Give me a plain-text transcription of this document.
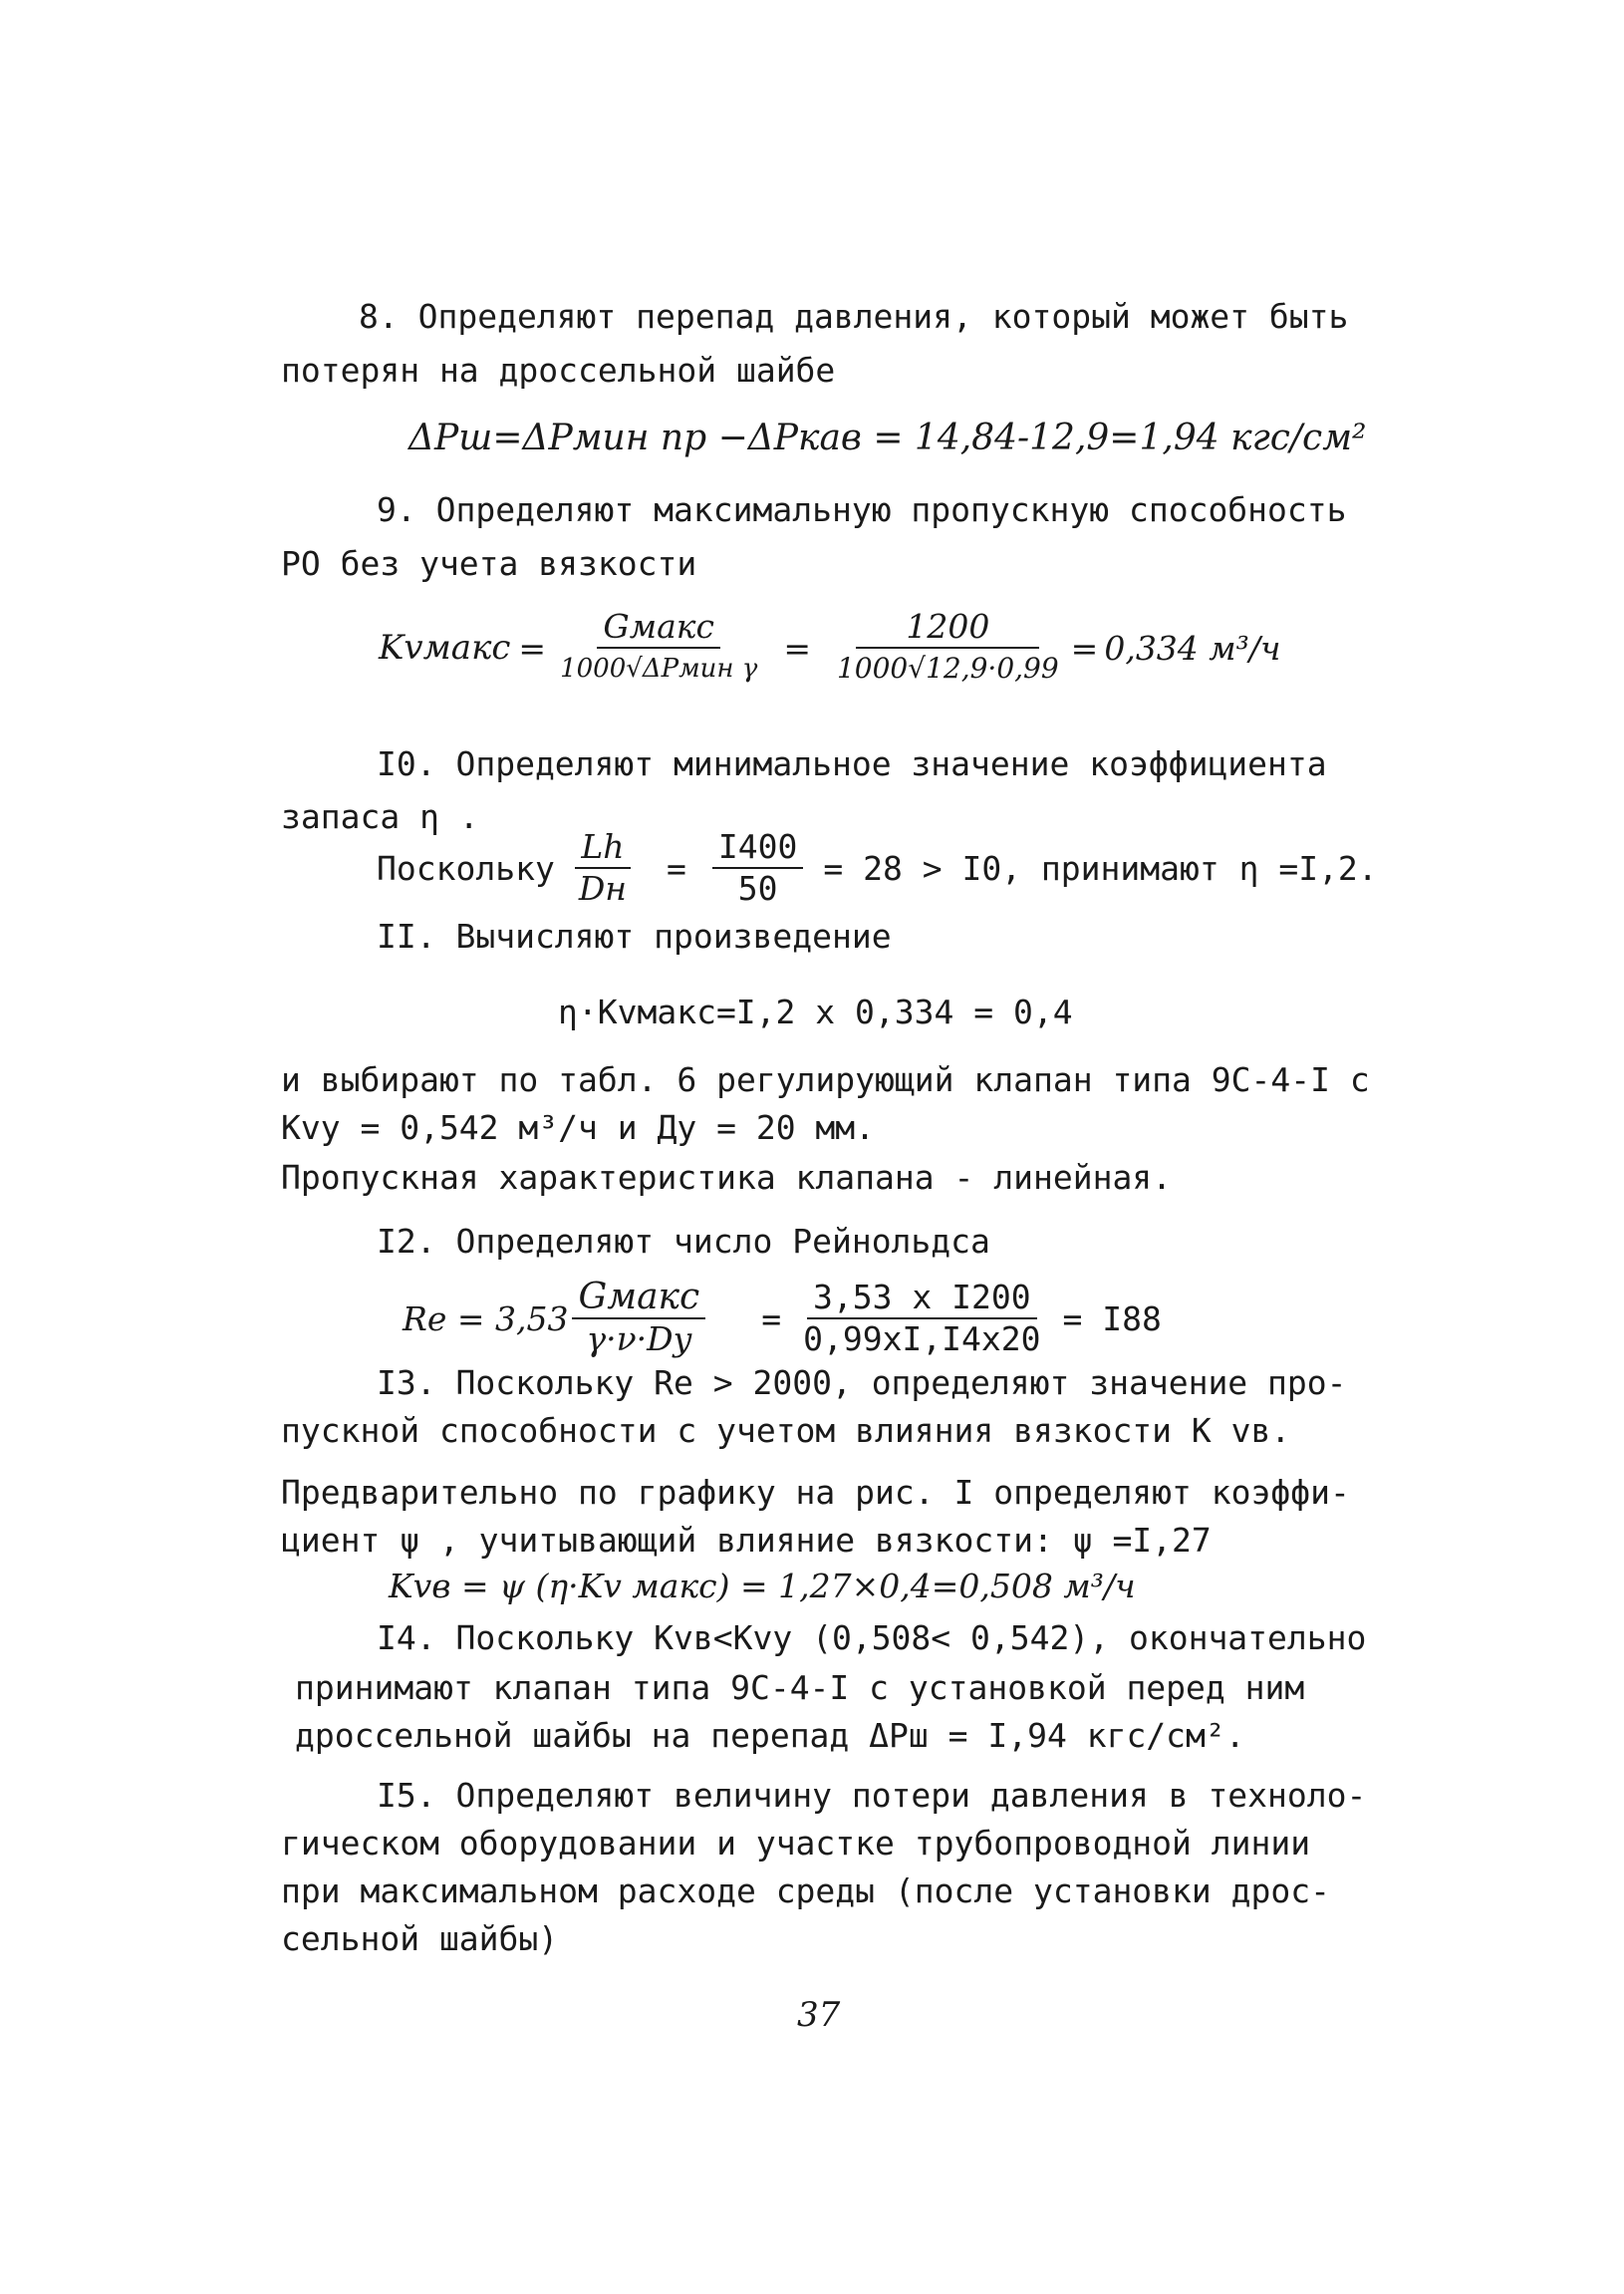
8. Определяют перепад давления, который может быть
потерян на дроссельной шайбе
ΔPш=ΔPмин пр −ΔPкав = 14,84-12,9=1,94 кгс/см²
9. Определяют максимальную пропускную способность
РО без учета вязкости
Kvмакс = $\frac{\text{Gмакс}}{\text{1000√ΔPмин γ}} = \frac{1200}{1000√12,9\cdot 0,99} = 0,334$ м³/ч
I0. Определяют минимальное значение коэффициента
запаса η .
Поскольку $\frac{Lh}{Dн} = \frac{I400}{50} = 28 > I0$, принимают η =I,2.
II. Вычисляют произведение
η·Kvмакс=I,2 x 0,334 = 0,4
и выбирают по табл. 6 регулирующий клапан типа 9С-4-I с
Kvy = 0,542 м³/ч и Ду = 20 мм.
Пропускная характеристика клапана - линейная.
I2. Определяют число Рейнольдса
$Re = 3,53 \frac{\text{Gмакс}}{\gamma\cdot\nu\cdot Dy} = \frac{\text{3,53 x I200}}{0,99xI,I4x20} = I88$
I3. Поскольку Re > 2000, определяют значение про-
пускной способности с учетом влияния вязкости K vв.
Предварительно по графику на рис. I определяют коэффи-
циент ψ , учитывающий влияние вязкости: ψ =I,27
Kvв = ψ (η·Kv макс) = 1,27×0,4=0,508 м³/ч
I4. Поскольку Kvв<Kvy (0,508< 0,542), окончательно
принимают клапан типа 9С-4-I с установкой перед ним
дроссельной шайбы на перепад ΔPш = I,94 кгс/см².
I5. Определяют величину потери давления в техноло-
гическом оборудовании и участке трубопроводной линии
при максимальном расходе среды (после установки дрос-
сельной шайбы)
37
